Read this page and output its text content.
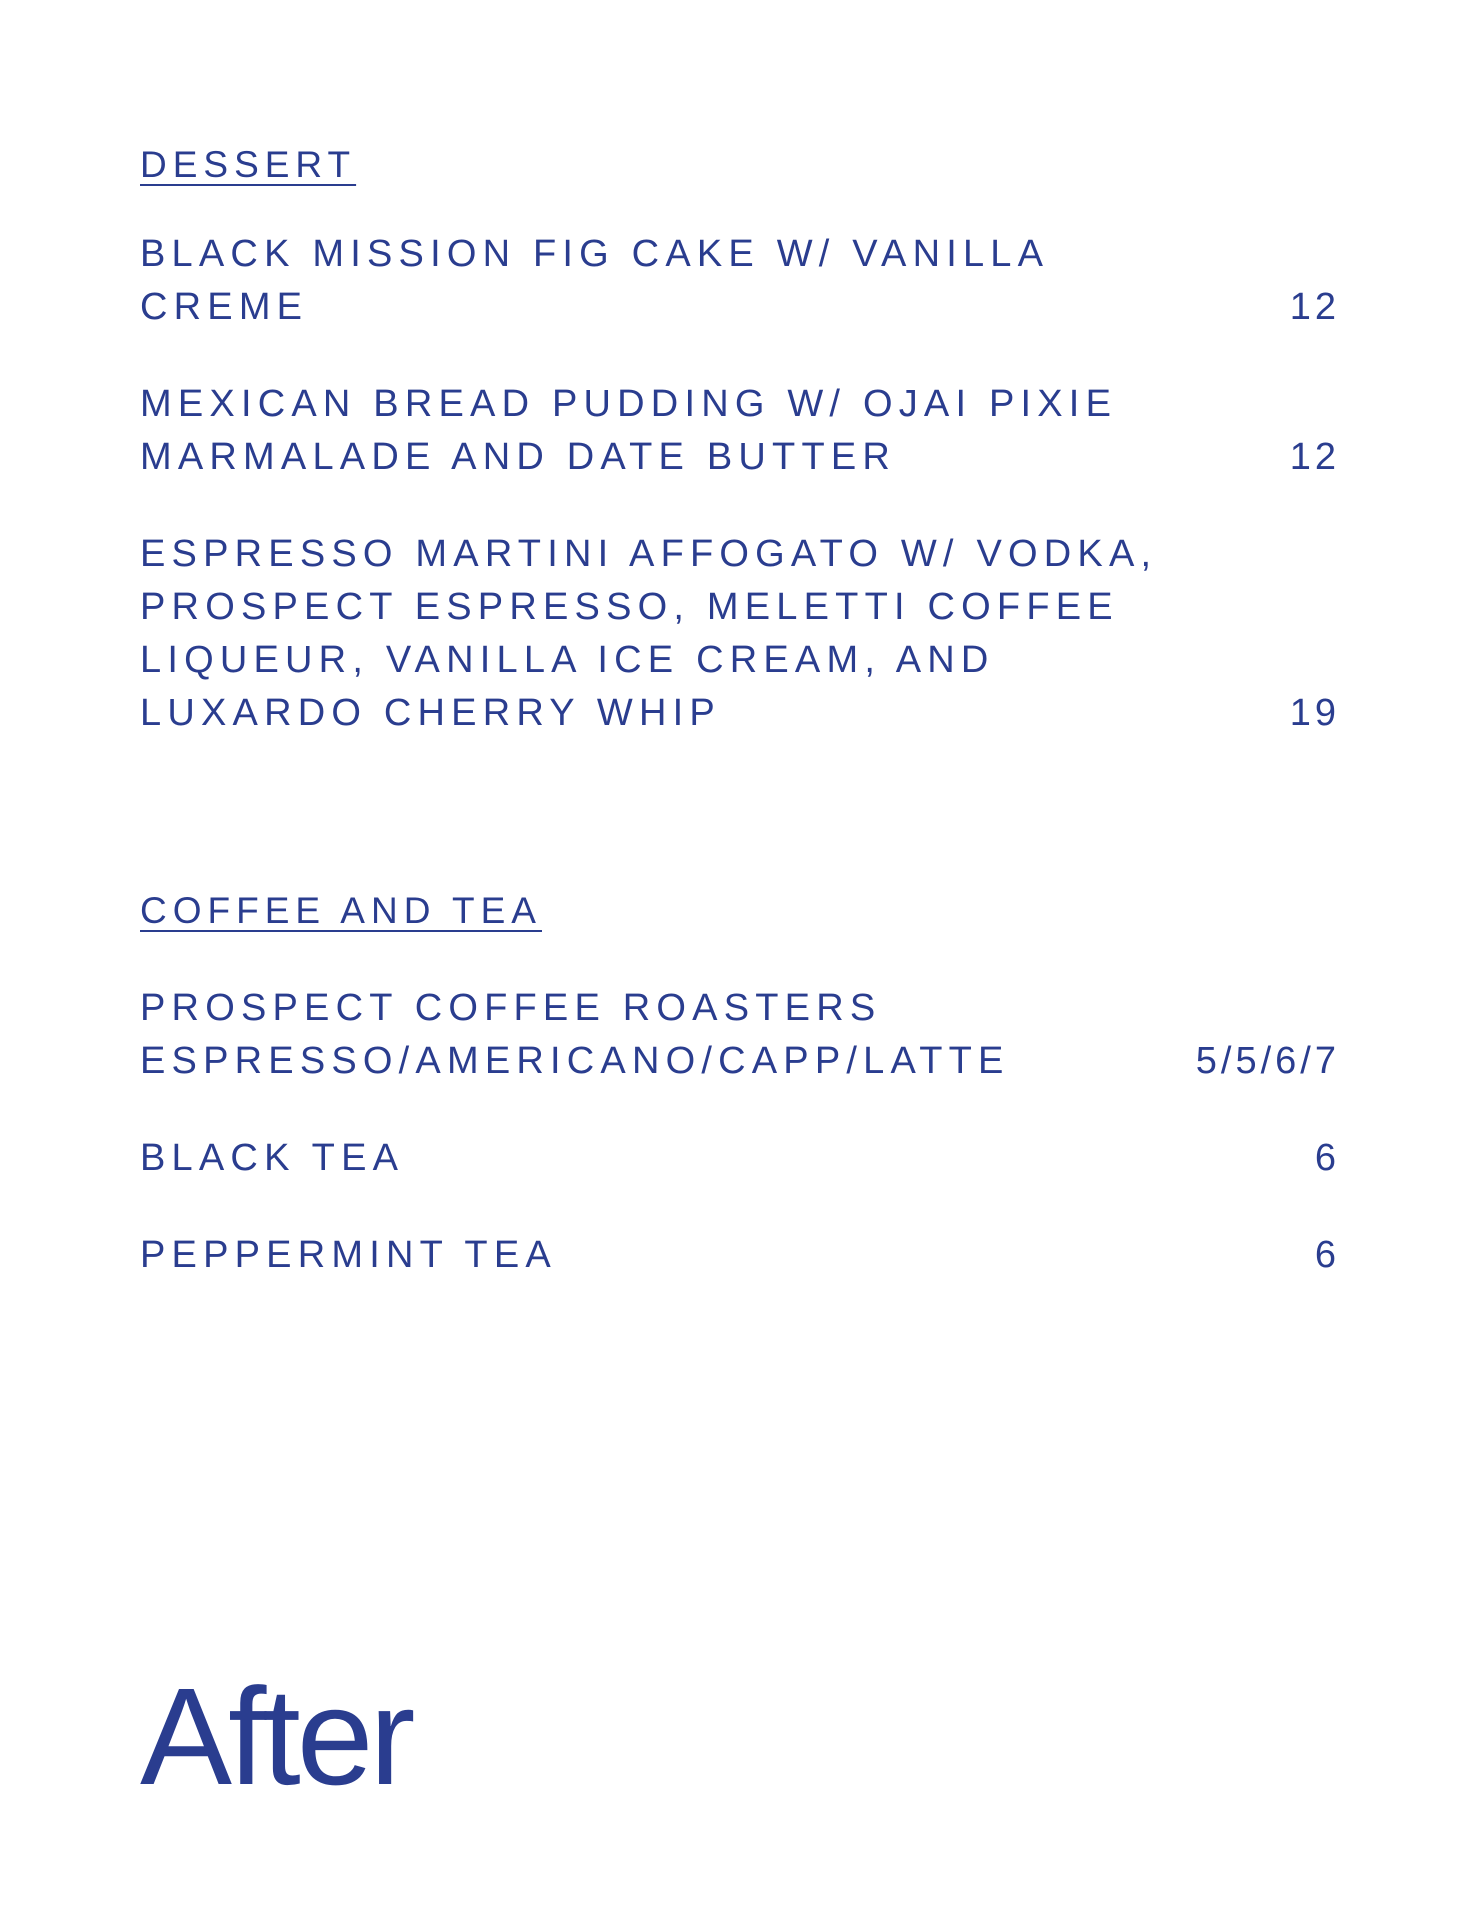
DESSERT
BLACK MISSION FIG CAKE W/ VANILLA
CREME	12
MEXICAN BREAD PUDDING W/ OJAI PIXIE
MARMALADE AND DATE BUTTER	12
ESPRESSO MARTINI AFFOGATO W/ VODKA,
PROSPECT ESPRESSO, MELETTI COFFEE
LIQUEUR, VANILLA ICE CREAM, AND
LUXARDO CHERRY WHIP	19
COFFEE AND TEA
PROSPECT COFFEE ROASTERS
ESPRESSO/AMERICANO/CAPP/LATTE	5/5/6/7
BLACK TEA	6
PEPPERMINT TEA	6
After
